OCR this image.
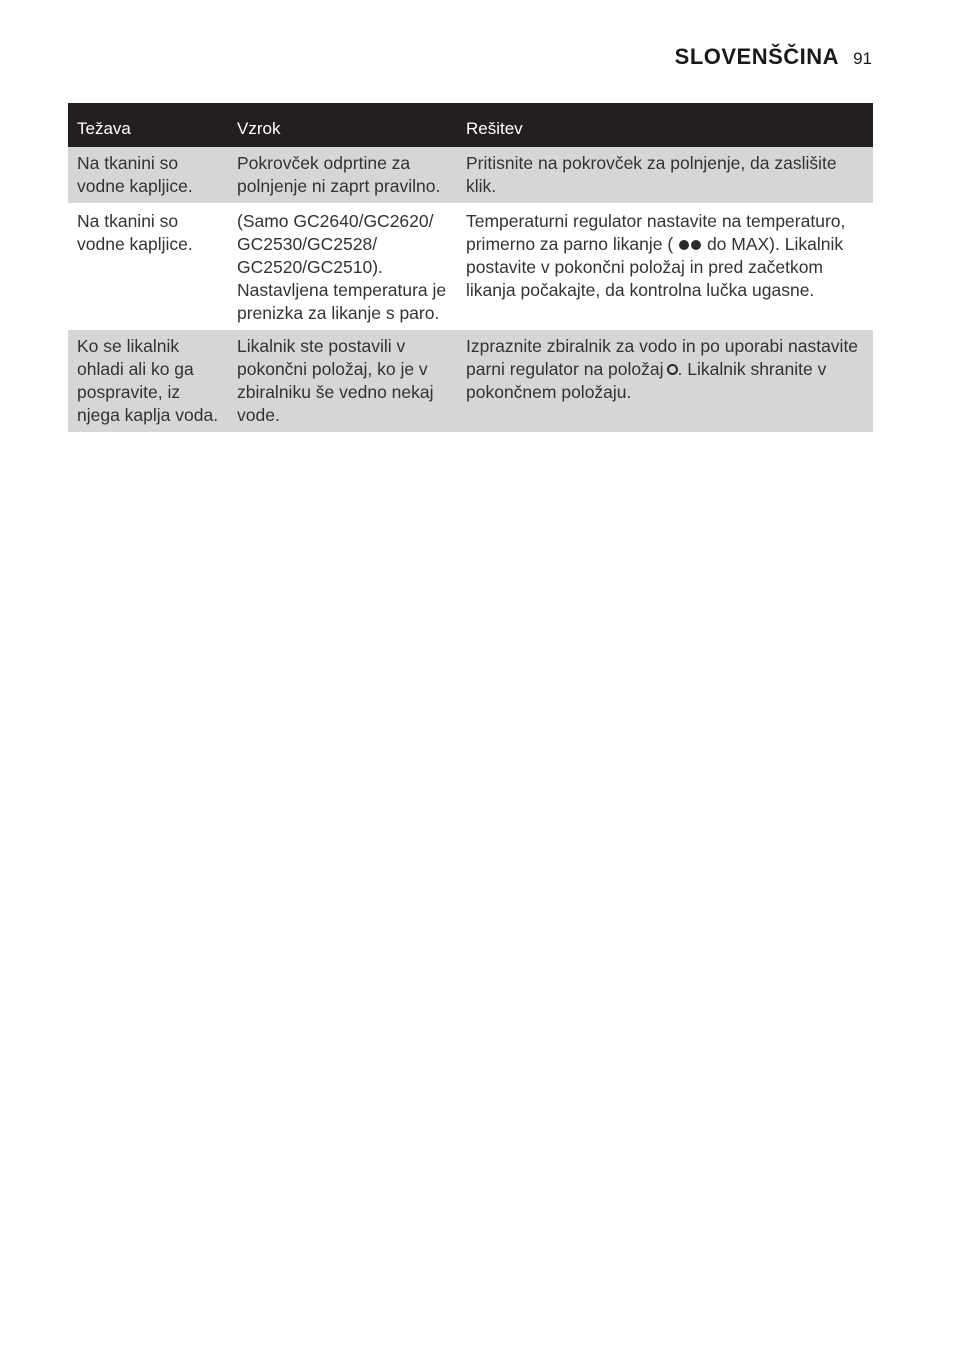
SLOVENŠČINA 91
Težava	Vzrok	Rešitev
Na tkanini so vodne kapljice.	Pokrovček odprtine za polnjenje ni zaprt pravilno.	Pritisnite na pokrovček za polnjenje, da zaslišite klik.
Na tkanini so vodne kapljice.	(Samo GC2640/GC2620/ GC2530/GC2528/ GC2520/GC2510). Nastavljena temperatura je prenizka za likanje s paro.	Temperaturni regulator nastavite na temperaturo, primerno za parno likanje ( do MAX). Likalnik postavite v pokončni položaj in pred začetkom likanja počakajte, da kontrolna lučka ugasne.
Ko se likalnik ohladi ali ko ga pospravite, iz njega kaplja voda.	Likalnik ste postavili v pokončni položaj, ko je v zbiralniku še vedno nekaj vode.	Izpraznite zbiralnik za vodo in po uporabi nastavite parni regulator na položaj . Likalnik shranite v pokončnem položaju.
